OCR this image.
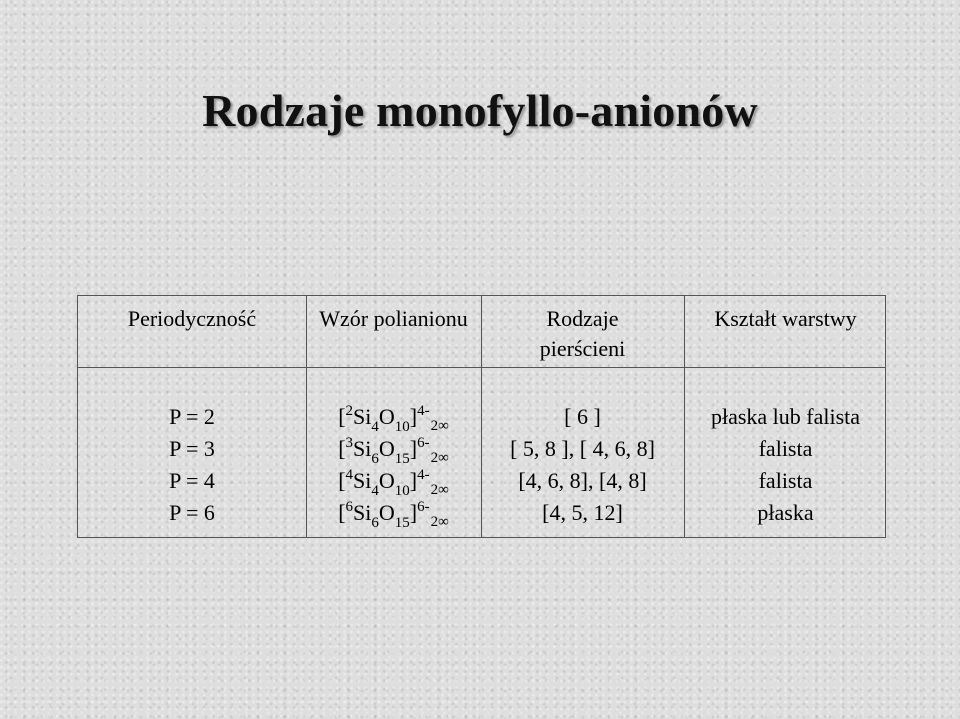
Rodzaje monofyllo-anionów
Periodyczność
P = 2
P = 3
P = 4
P = 6
Wzór polianionu
$[^2Si_4O_{10}]^{4-}_{2\infty}$
$[^3Si_6O_{15}]^{6-}_{2\infty}$
$[^4Si_4O_{10}]^{4-}_{2\infty}$
$[^6Si_6O_{15}]^{6-}_{2\infty}$
Rodzaje
pierścieni
[ 6 ]
[ 5, 8 ], [ 4, 6, 8]
[4, 6, 8], [4, 8]
[4, 5, 12]
Kształt warstwy
płaska lub falista
falista
falista
płaska
